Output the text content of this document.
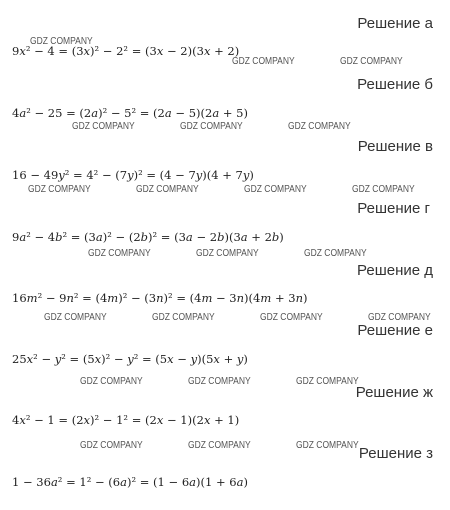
Решение а
9x² − 4 = (3x)² − 2² = (3x − 2)(3x + 2)
Решение б
4a² − 25 = (2a)² − 5² = (2a − 5)(2a + 5)
Решение в
16 − 49y² = 4² − (7y)² = (4 − 7y)(4 + 7y)
Решение г
9a² − 4b² = (3a)² − (2b)² = (3a − 2b)(3a + 2b)
Решение д
16m² − 9n² = (4m)² − (3n)² = (4m − 3n)(4m + 3n)
Решение е
25x² − y² = (5x)² − y² = (5x − y)(5x + y)
Решение ж
4x² − 1 = (2x)² − 1² = (2x − 1)(2x + 1)
Решение з
1 − 36a² = 1² − (6a)² = (1 − 6a)(1 + 6a)
GDZ COMPANY
GDZ COMPANY	GDZ COMPANY
GDZ COMPANY	GDZ COMPANY	GDZ COMPANY
GDZ COMPANY	GDZ COMPANY	GDZ COMPANY	GDZ COMPANY
GDZ COMPANY	GDZ COMPANY	GDZ COMPANY
GDZ COMPANY	GDZ COMPANY	GDZ COMPANY	GDZ COMPANY
GDZ COMPANY	GDZ COMPANY	GDZ COMPANY
GDZ COMPANY	GDZ COMPANY	GDZ COMPANY
